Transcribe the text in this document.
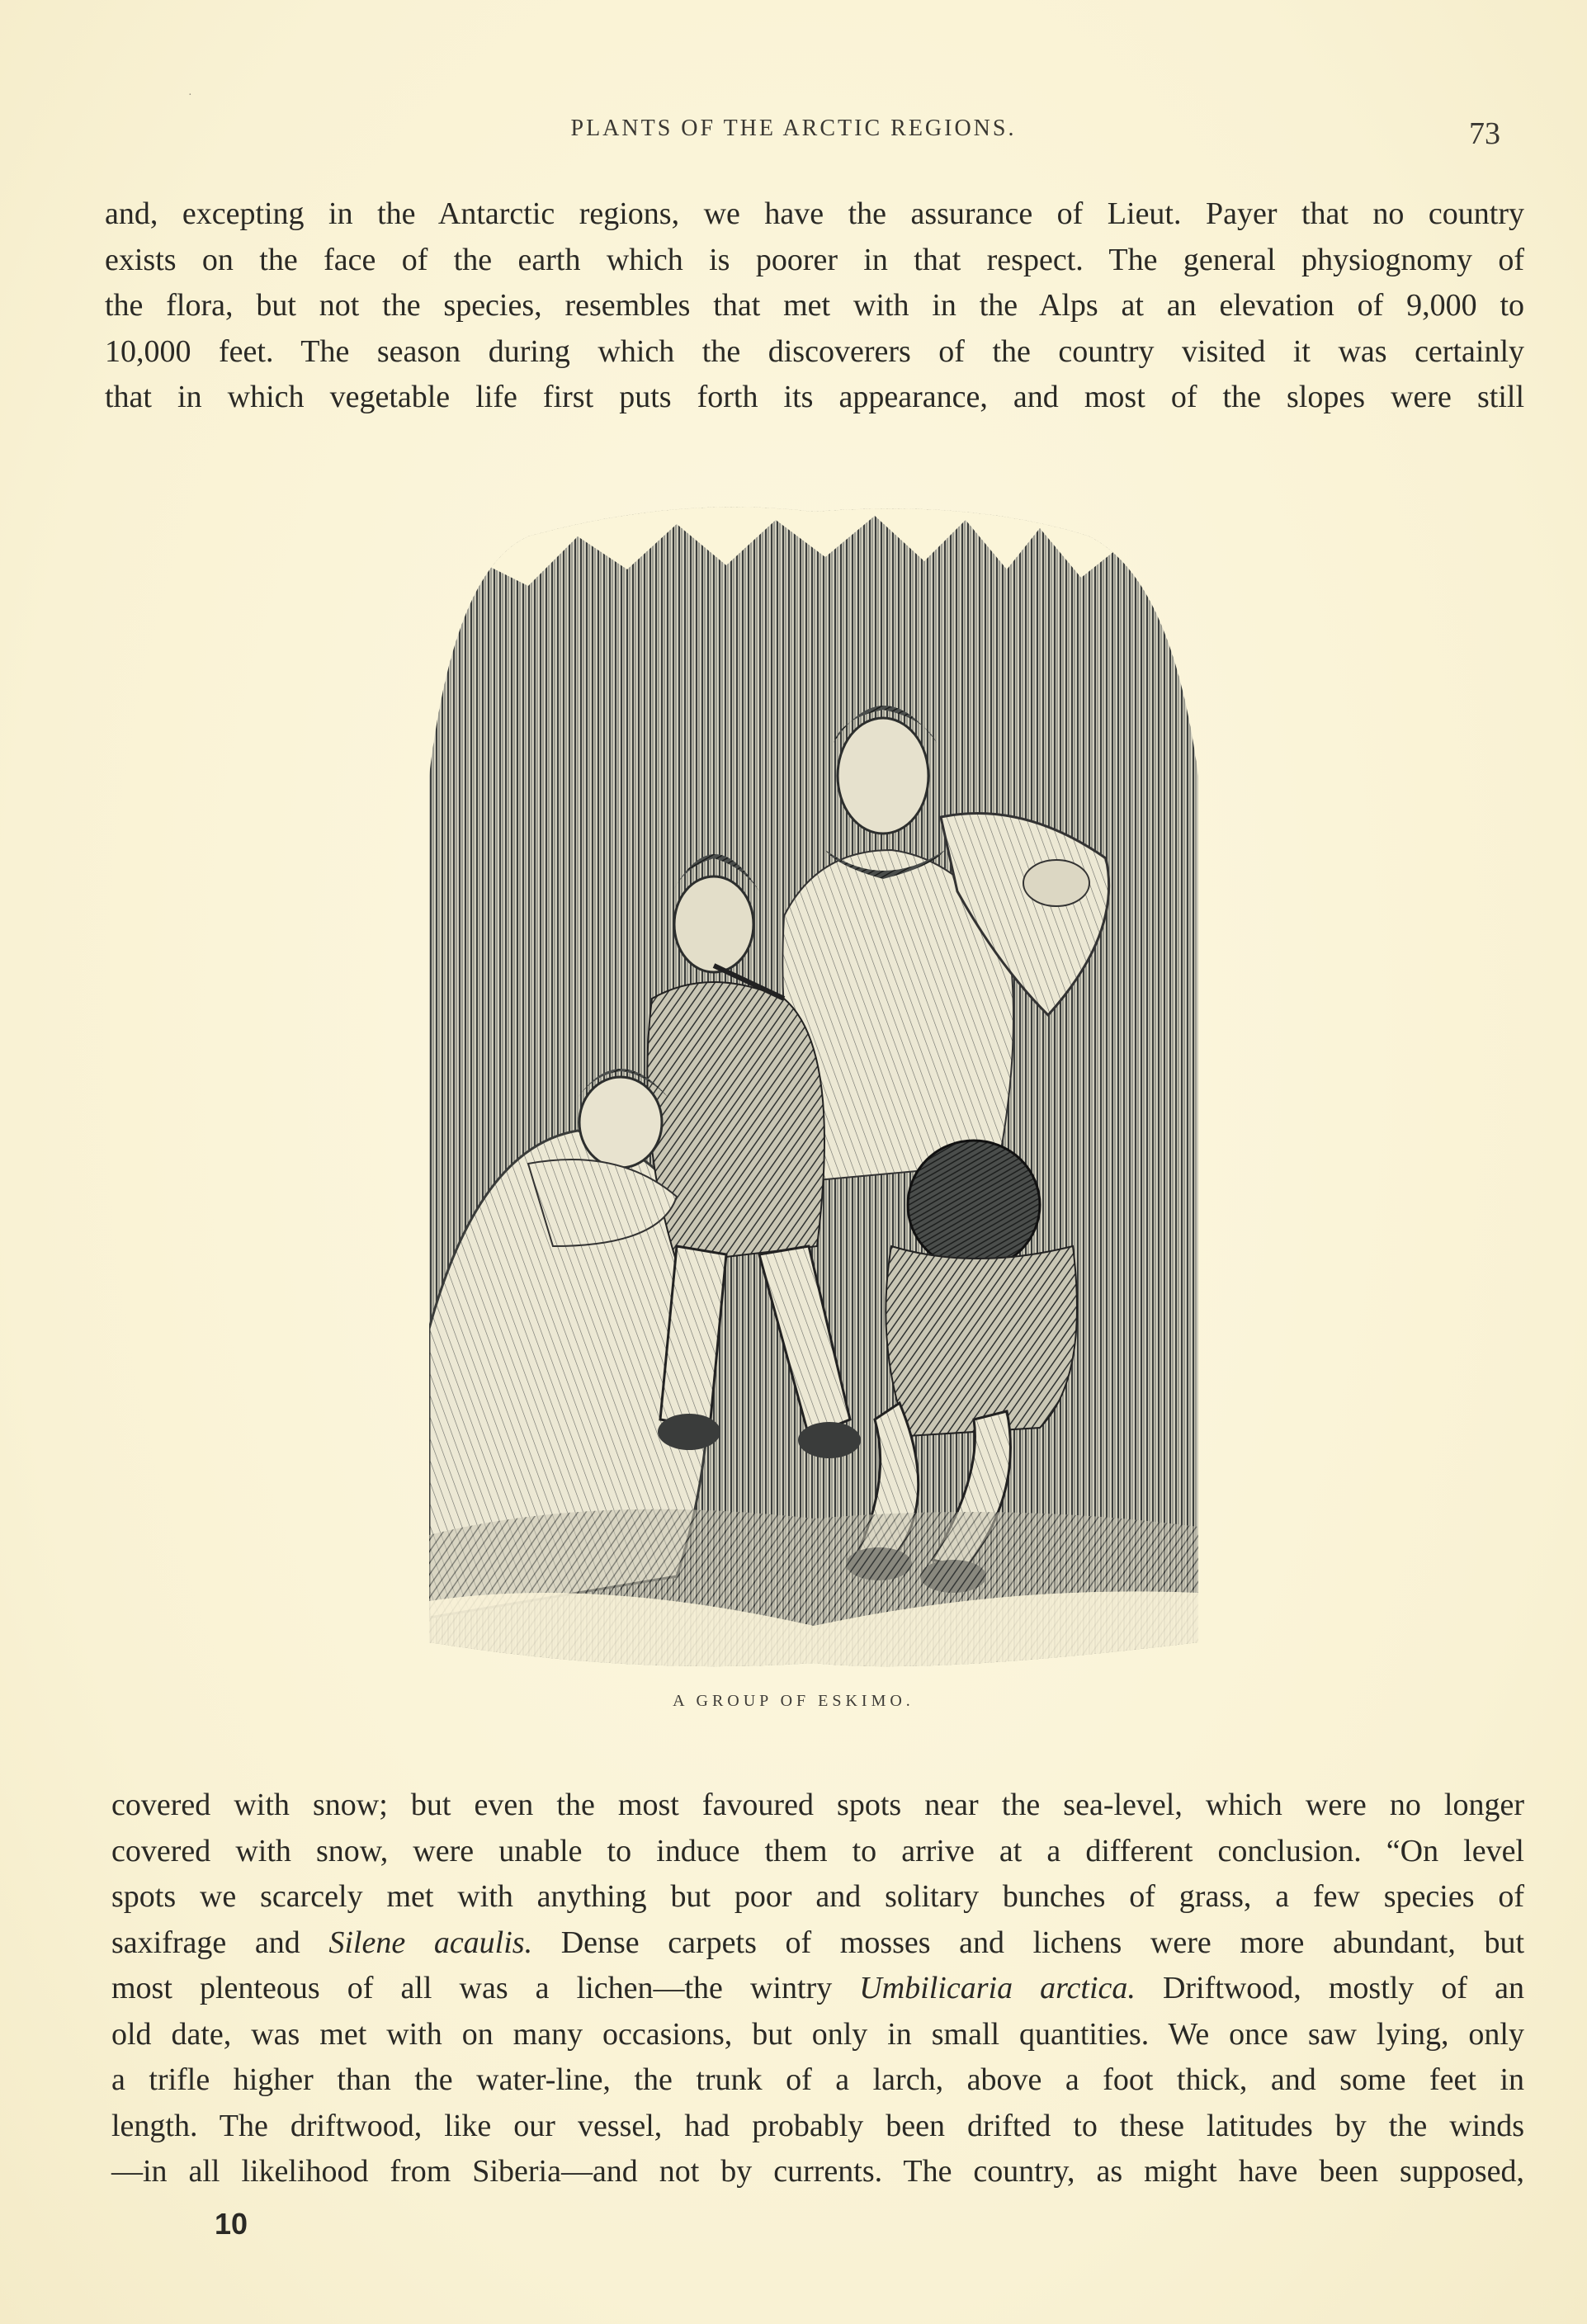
·
PLANTS OF THE ARCTIC REGIONS.	73
and, excepting in the Antarctic regions, we have the assurance of Lieut. Payer that no country
exists on the face of the earth which is poorer in that respect. The general physiognomy of
the flora, but not the species, resembles that met with in the Alps at an elevation of 9,000 to
10,000 feet. The season during which the discoverers of the country visited it was certainly
that in which vegetable life first puts forth its appearance, and most of the slopes were still
A GROUP OF ESKIMO.
covered with snow; but even the most favoured spots near the sea-level, which were no longer
covered with snow, were unable to induce them to arrive at a different conclusion. “On level
spots we scarcely met with anything but poor and solitary bunches of grass, a few species of
saxifrage and Silene acaulis. Dense carpets of mosses and lichens were more abundant, but
most plenteous of all was a lichen—the wintry Umbilicaria arctica. Driftwood, mostly of an
old date, was met with on many occasions, but only in small quantities. We once saw lying, only
a trifle higher than the water-line, the trunk of a larch, above a foot thick, and some feet in
length. The driftwood, like our vessel, had probably been drifted to these latitudes by the winds
—in all likelihood from Siberia—and not by currents. The country, as might have been supposed,
10
